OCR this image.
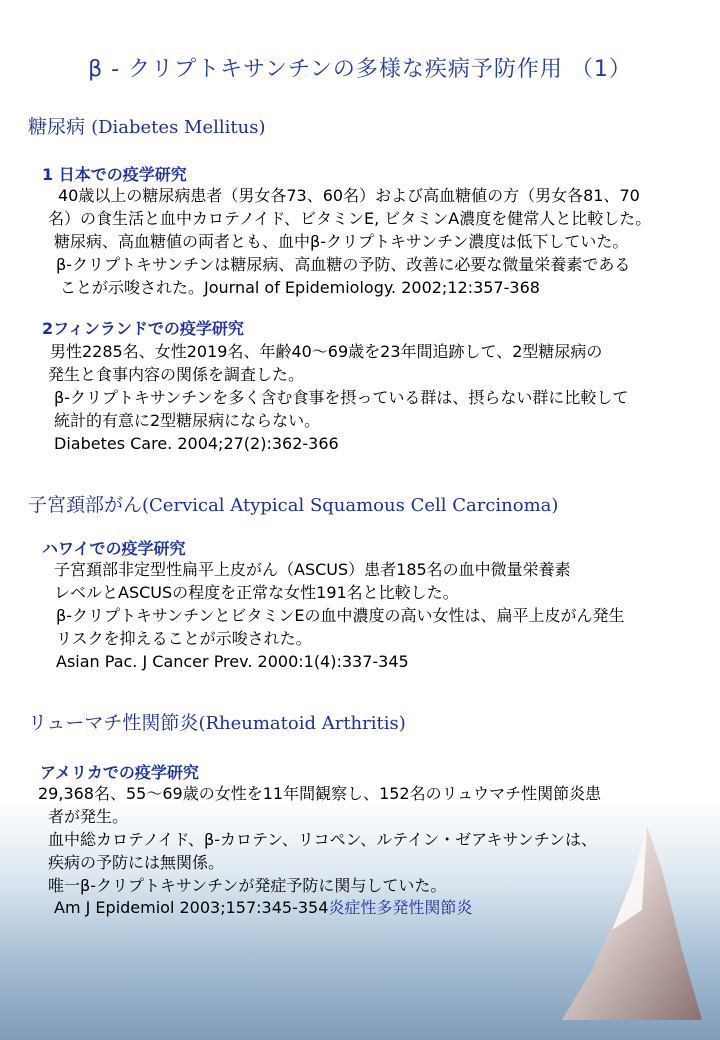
β - クリプトキサンチンの多様な疾病予防作用 （1）
糖尿病 (Diabetes Mellitus)
1 日本での疫学研究
40歳以上の糖尿病患者（男女各73、60名）および高血糖値の方（男女各81、70
名）の食生活と血中カロテノイド、ビタミンE, ビタミンA濃度を健常人と比較した。
糖尿病、高血糖値の両者とも、血中β-クリプトキサンチン濃度は低下していた。
β-クリプトキサンチンは糖尿病、高血糖の予防、改善に必要な微量栄養素である
ことが示唆された。Journal of Epidemiology. 2002;12:357-368
2フィンランドでの疫学研究
男性2285名、女性2019名、年齢40～69歳を23年間追跡して、2型糖尿病の
発生と食事内容の関係を調査した。
β-クリプトキサンチンを多く含む食事を摂っている群は、摂らない群に比較して
統計的有意に2型糖尿病にならない。
Diabetes Care. 2004;27(2):362-366
子宮頚部がん(Cervical Atypical Squamous Cell Carcinoma)
ハワイでの疫学研究
子宮頚部非定型性扁平上皮がん（ASCUS）患者185名の血中微量栄養素
レベルとASCUSの程度を正常な女性191名と比較した。
β-クリプトキサンチンとビタミンEの血中濃度の高い女性は、扁平上皮がん発生
リスクを抑えることが示唆された。
Asian Pac. J Cancer Prev. 2000:1(4):337-345
リューマチ性関節炎(Rheumatoid Arthritis)
アメリカでの疫学研究
29,368名、55～69歳の女性を11年間観察し、152名のリュウマチ性関節炎患
者が発生。
血中総カロテノイド、β-カロテン、リコペン、ルテイン・ゼアキサンチンは、
疾病の予防には無関係。
唯一β-クリプトキサンチンが発症予防に関与していた。
Am J Epidemiol 2003;157:345-354炎症性多発性関節炎
